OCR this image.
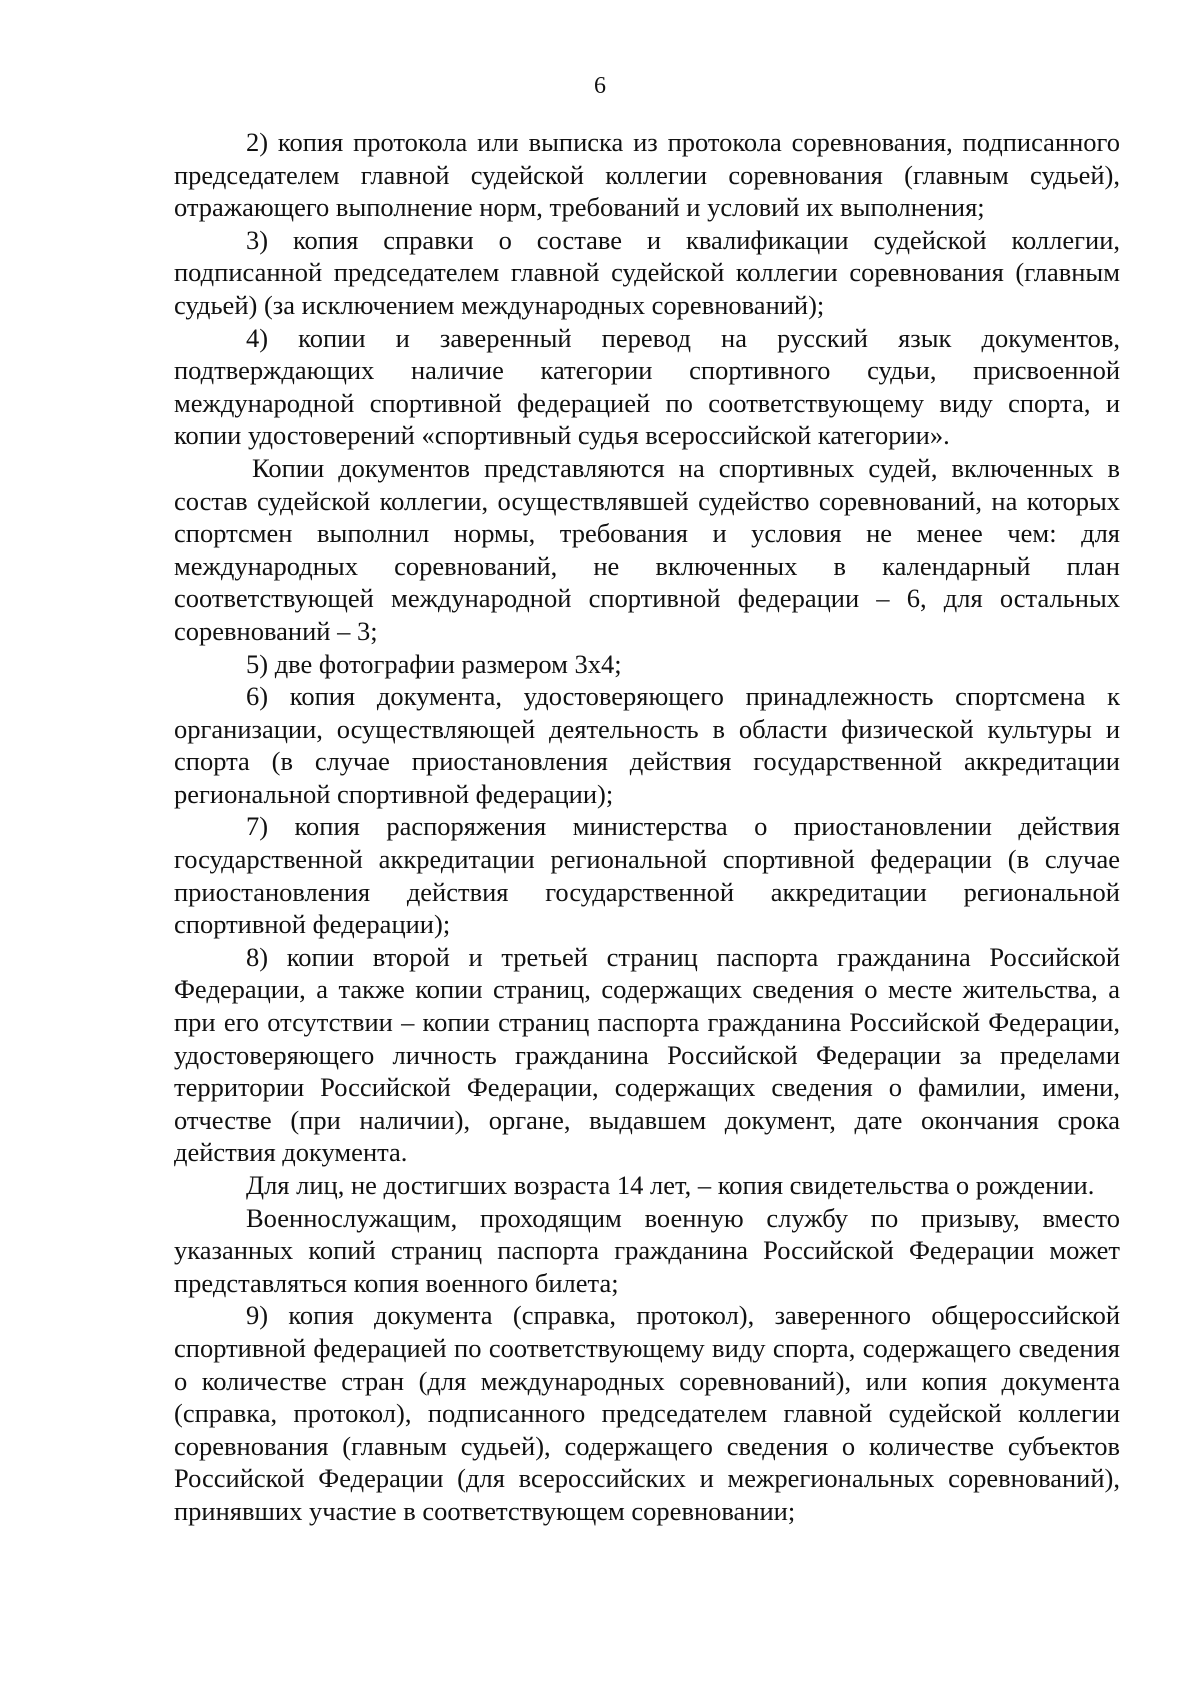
6

2) копия протокола или выписка из протокола соревнования, подписанного председателем главной судейской коллегии соревнования (главным судьей), отражающего выполнение норм, требований и условий их выполнения;

3) копия справки о составе и квалификации судейской коллегии, подписанной председателем главной судейской коллегии соревнования (главным судьей) (за исключением международных соревнований);

4) копии и заверенный перевод на русский язык документов, подтверждающих наличие категории спортивного судьи, присвоенной международной спортивной федерацией по соответствующему виду спорта, и копии удостоверений «спортивный судья всероссийской категории».

Копии документов представляются на спортивных судей, включенных в состав судейской коллегии, осуществлявшей судейство соревнований, на которых спортсмен выполнил нормы, требования и условия не менее чем: для международных соревнований, не включенных в календарный план соответствующей международной спортивной федерации – 6, для остальных соревнований – 3;

5) две фотографии размером 3х4;

6) копия документа, удостоверяющего принадлежность спортсмена к организации, осуществляющей деятельность в области физической культуры и спорта (в случае приостановления действия государственной аккредитации региональной спортивной федерации);

7) копия распоряжения министерства о приостановлении действия государственной аккредитации региональной спортивной федерации (в случае приостановления действия государственной аккредитации региональной спортивной федерации);

8) копии второй и третьей страниц паспорта гражданина Российской Федерации, а также копии страниц, содержащих сведения о месте жительства, а при его отсутствии – копии страниц паспорта гражданина Российской Федерации, удостоверяющего личность гражданина Российской Федерации за пределами территории Российской Федерации, содержащих сведения о фамилии, имени, отчестве (при наличии), органе, выдавшем документ, дате окончания срока действия документа.

Для лиц, не достигших возраста 14 лет, – копия свидетельства о рождении.

Военнослужащим, проходящим военную службу по призыву, вместо указанных копий страниц паспорта гражданина Российской Федерации может представляться копия военного билета;

9) копия документа (справка, протокол), заверенного общероссийской спортивной федерацией по соответствующему виду спорта, содержащего сведения о количестве стран (для международных соревнований), или копия документа (справка, протокол), подписанного председателем главной судейской коллегии соревнования (главным судьей), содержащего сведения о количестве субъектов Российской Федерации (для всероссийских и межрегиональных соревнований), принявших участие в соответствующем соревновании;
